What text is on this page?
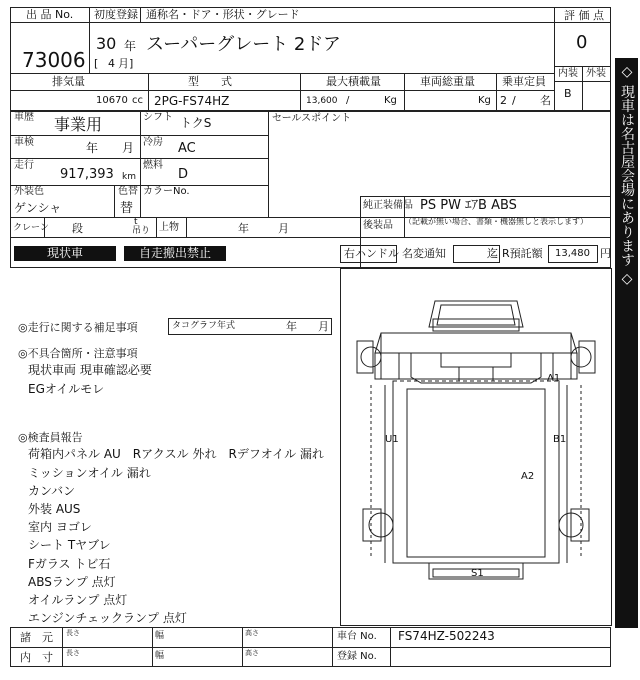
出 品 No.
73006
初度登録 通称名・ドア・形状・グレード
30 年
[ 4 月]
スーパーグレート 2ドア
評 価 点
0
内装 外装
B
排気量	型　　式	最大積載量	車両総重量 乗車定員
10670 cc 2PG-FS74HZ	13,600 /	Kg	Kg 2 / 名
車歴 事業用	シフト トクS
車検	年 月 冷房 AC
走行
917,393 km
燃料
D
外装色
ゲンシャ
色替
替
カラーNo.
セールスポイント
純正装備品 PS PW ｴｱB ABS
後装品 （記載が無い場合、書類・機器無しと表示します）
クレーン 段	t
吊り 上物	年	月
現状車	自走搬出禁止	右ハンドル 名変通知	迄 R預託額 13,480 円
◎走行に関する補足事項	タコグラフ年式	年 月
◎不具合箇所・注意事項
現状車両 現車確認必要
EGオイルモレ
◎検査員報告
荷箱内パネル AU　Rアクスル 外れ　Rデフオイル 漏れ
ミッションオイル 漏れ
カンバン
外装 AUS
室内 ヨゴレ
シート Tヤブレ
Fガラス トビ石
ABSランプ 点灯
オイルランプ 点灯
エンジンチェックランプ 点灯
A1
U1	B1
A2
S1
◇ 現車は名古屋会場にあります ◇
諸　元 長さ	幅	高さ
内　寸 長さ	幅	高さ
車台 No. FS74HZ-502243
登録 No.
